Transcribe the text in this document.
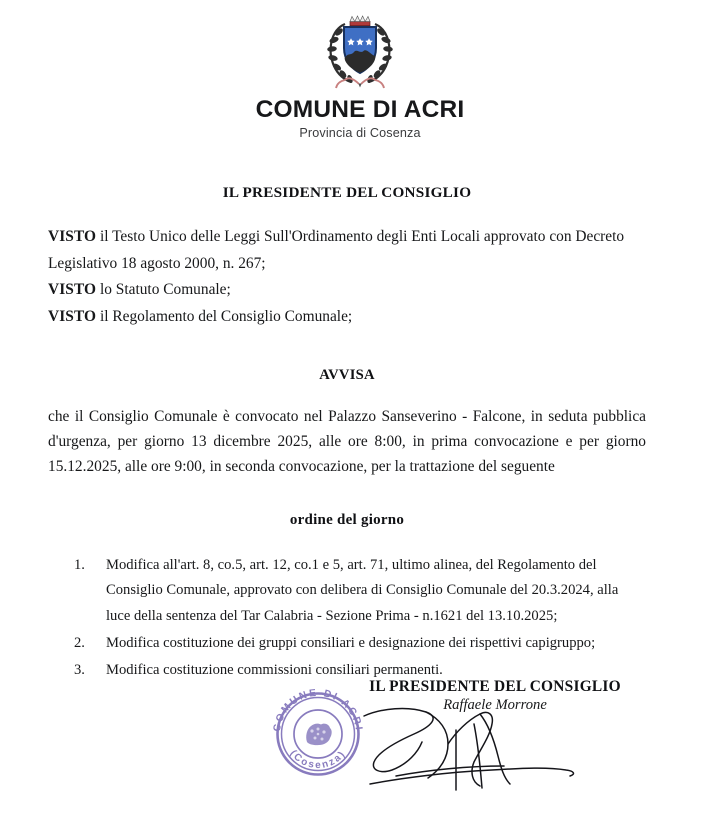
COMUNE DI ACRI
Provincia di Cosenza
IL PRESIDENTE DEL CONSIGLIO
VISTO il Testo Unico delle Leggi Sull'Ordinamento degli Enti Locali approvato con Decreto Legislativo 18 agosto 2000, n. 267;
VISTO lo Statuto Comunale;
VISTO il Regolamento del Consiglio Comunale;
AVVISA
che il Consiglio Comunale è convocato nel Palazzo Sanseverino - Falcone, in seduta pubblica d'urgenza, per giorno 13 dicembre 2025, alle ore 8:00, in prima convocazione e per giorno 15.12.2025, alle ore 9:00, in seconda convocazione, per la trattazione del seguente
ordine del giorno
Modifica all'art. 8, co.5, art. 12, co.1 e 5, art. 71, ultimo alinea, del Regolamento del Consiglio Comunale, approvato con delibera di Consiglio Comunale del 20.3.2024, alla luce della sentenza del Tar Calabria - Sezione Prima - n.1621 del 13.10.2025;
Modifica costituzione dei gruppi consiliari e designazione dei rispettivi capigruppo;
Modifica costituzione commissioni consiliari permanenti.
IL PRESIDENTE DEL CONSIGLIO
Raffaele Morrone
COMUNE DI ACRI
(Cosenza)
